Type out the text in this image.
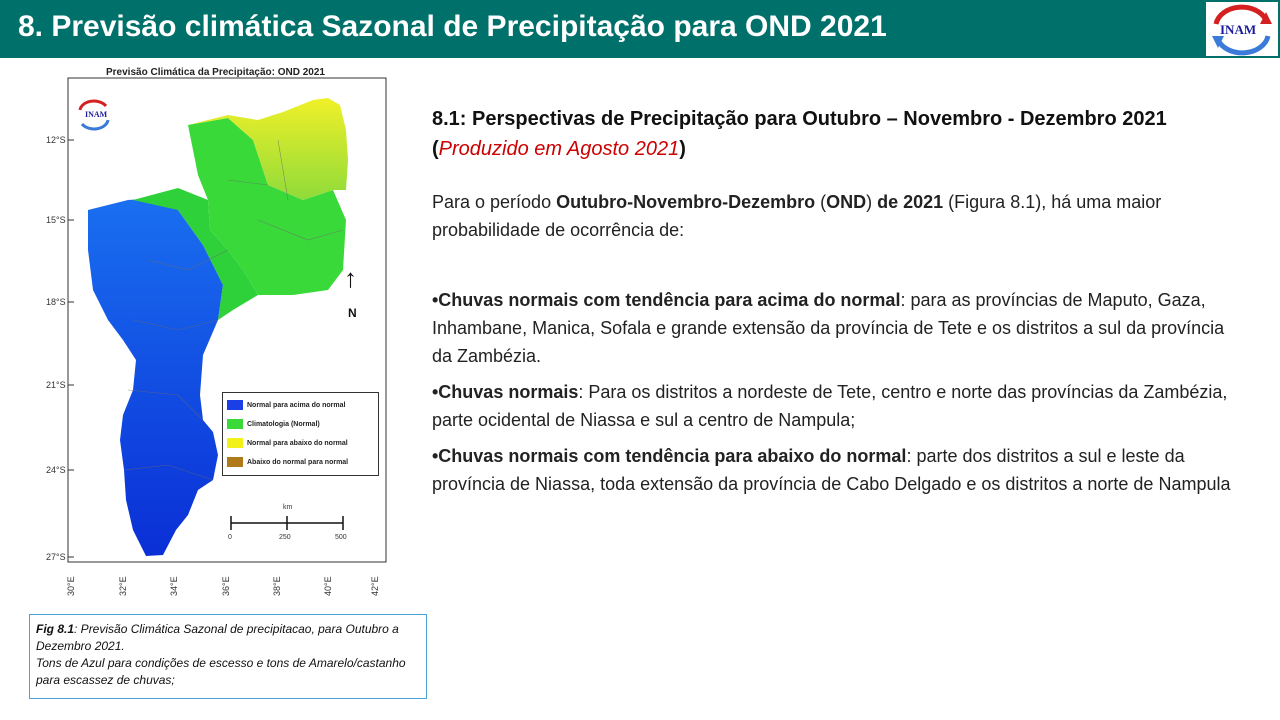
8. Previsão climática Sazonal de Precipitação para OND 2021	INAM
Previsão Climática da Precipitação: OND 2021
INAM
12°S
15°S
18°S
21°S
24°S
27°S
30°E	32°E	34°E	36°E	38°E	40°E	42°E
↑
N
Normal para acima do normal
Climatologia (Normal)
Normal para abaixo do normal
Abaixo do normal para normal
km
0	250	500
Fig 8.1: Previsão Climática Sazonal de precipitacao, para Outubro a Dezembro 2021.
Tons de Azul para condições de escesso e tons de Amarelo/castanho para escassez de chuvas;
8.1: Perspectivas de Precipitação para Outubro – Novembro - Dezembro 2021 (Produzido em Agosto 2021)
Para o período Outubro-Novembro-Dezembro (OND) de 2021 (Figura 8.1), há uma maior probabilidade de ocorrência de:
•Chuvas normais com tendência para acima do normal: para as províncias de Maputo, Gaza, Inhambane, Manica, Sofala e grande extensão da província de Tete e os distritos a sul da província da Zambézia.
•Chuvas normais: Para os distritos a nordeste de Tete, centro e norte das províncias da Zambézia, parte ocidental de Niassa e sul a centro de Nampula;
•Chuvas normais com tendência para abaixo do normal: parte dos distritos a sul e leste da província de Niassa, toda extensão da província de Cabo Delgado e os distritos a norte de Nampula
